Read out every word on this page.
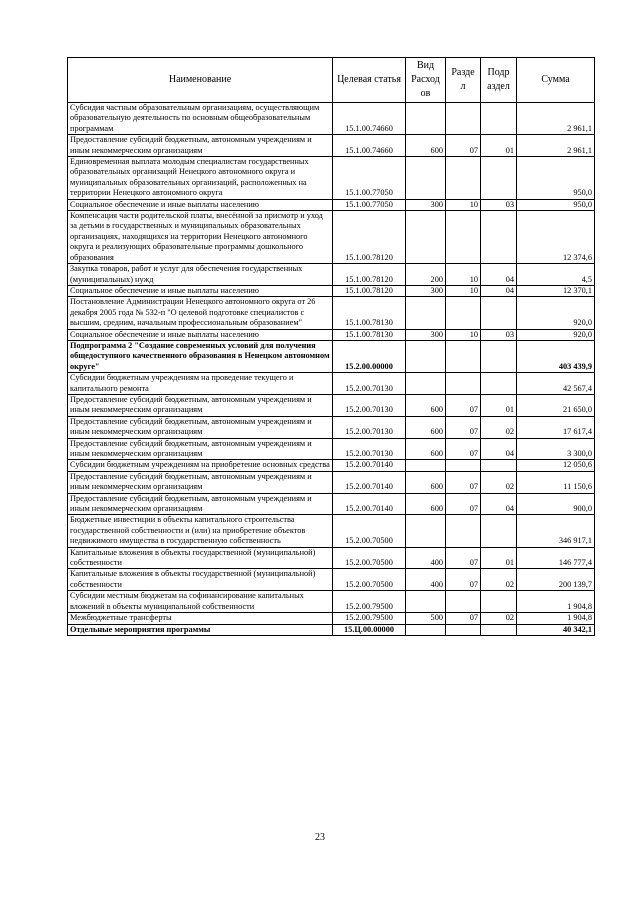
Наименование	Целевая статья	Вид Расход ов	Разде л	Подр аздел	Сумма
Субсидия частным образовательным организациям, осуществляющим образовательную деятельность по основным общеобразовательным программам	15.1.00.74660				2 961,1
Предоставление субсидий бюджетным, автономным учреждениям и иным некоммерческим организациям	15.1.00.74660	600	07	01	2 961,1
Единовременная выплата молодым специалистам государственных образовательных организаций Ненецкого автономного округа и муниципальных образовательных организаций, расположенных на территории Ненецкого автономного округа	15.1.00.77050				950,0
Социальное обеспечение и иные выплаты населению	15.1.00.77050	300	10	03	950,0
Компенсация части родительской платы, внесённой за присмотр и уход за детьми в государственных и муниципальных образовательных организациях, находящихся на территории Ненецкого автономного округа и реализующих образовательные программы дошкольного образования	15.1.00.78120				12 374,6
Закупка товаров, работ и услуг для обеспечения государственных (муниципальных) нужд	15.1.00.78120	200	10	04	4,5
Социальное обеспечение и иные выплаты населению	15.1.00.78120	300	10	04	12 370,1
Постановление Администрации Ненецкого автономного округа от 26 декабря 2005 года № 532-п "О целевой подготовке специалистов с высшим, средним, начальным профессиональным образованием"	15.1.00.78130				920,0
Социальное обеспечение и иные выплаты населению	15.1.00.78130	300	10	03	920,0
Подпрограмма 2 "Создание современных условий для получения общедоступного качественного образования в Ненецком автономном округе"	15.2.00.00000				403 439,9
Субсидии бюджетным учреждениям на проведение текущего и капитального ремонта	15.2.00.70130				42 567,4
Предоставление субсидий бюджетным, автономным учреждениям и иным некоммерческим организациям	15.2.00.70130	600	07	01	21 650,0
Предоставление субсидий бюджетным, автономным учреждениям и иным некоммерческим организациям	15.2.00.70130	600	07	02	17 617,4
Предоставление субсидий бюджетным, автономным учреждениям и иным некоммерческим организациям	15.2.00.70130	600	07	04	3 300,0
Субсидии бюджетным учреждениям на приобретение основных средства	15.2.00.70140				12 050,6
Предоставление субсидий бюджетным, автономным учреждениям и иным некоммерческим организациям	15.2.00.70140	600	07	02	11 150,6
Предоставление субсидий бюджетным, автономным учреждениям и иным некоммерческим организациям	15.2.00.70140	600	07	04	900,0
Бюджетные инвестиции в объекты капитального строительства государственной собственности и (или) на приобретение объектов недвижимого имущества в государственную собственность	15.2.00.70500				346 917,1
Капитальные вложения в объекты государственной (муниципальной) собственности	15.2.00.70500	400	07	01	146 777,4
Капитальные вложения в объекты государственной (муниципальной) собственности	15.2.00.70500	400	07	02	200 139,7
Субсидии местным бюджетам на софинансирование капитальных вложений в объекты муниципальной собственности	15.2.00.79500				1 904,8
Межбюджетные трансферты	15.2.00.79500	500	07	02	1 904,8
Отдельные мероприятия программы	15.Ц.00.00000				40 342,1
23
